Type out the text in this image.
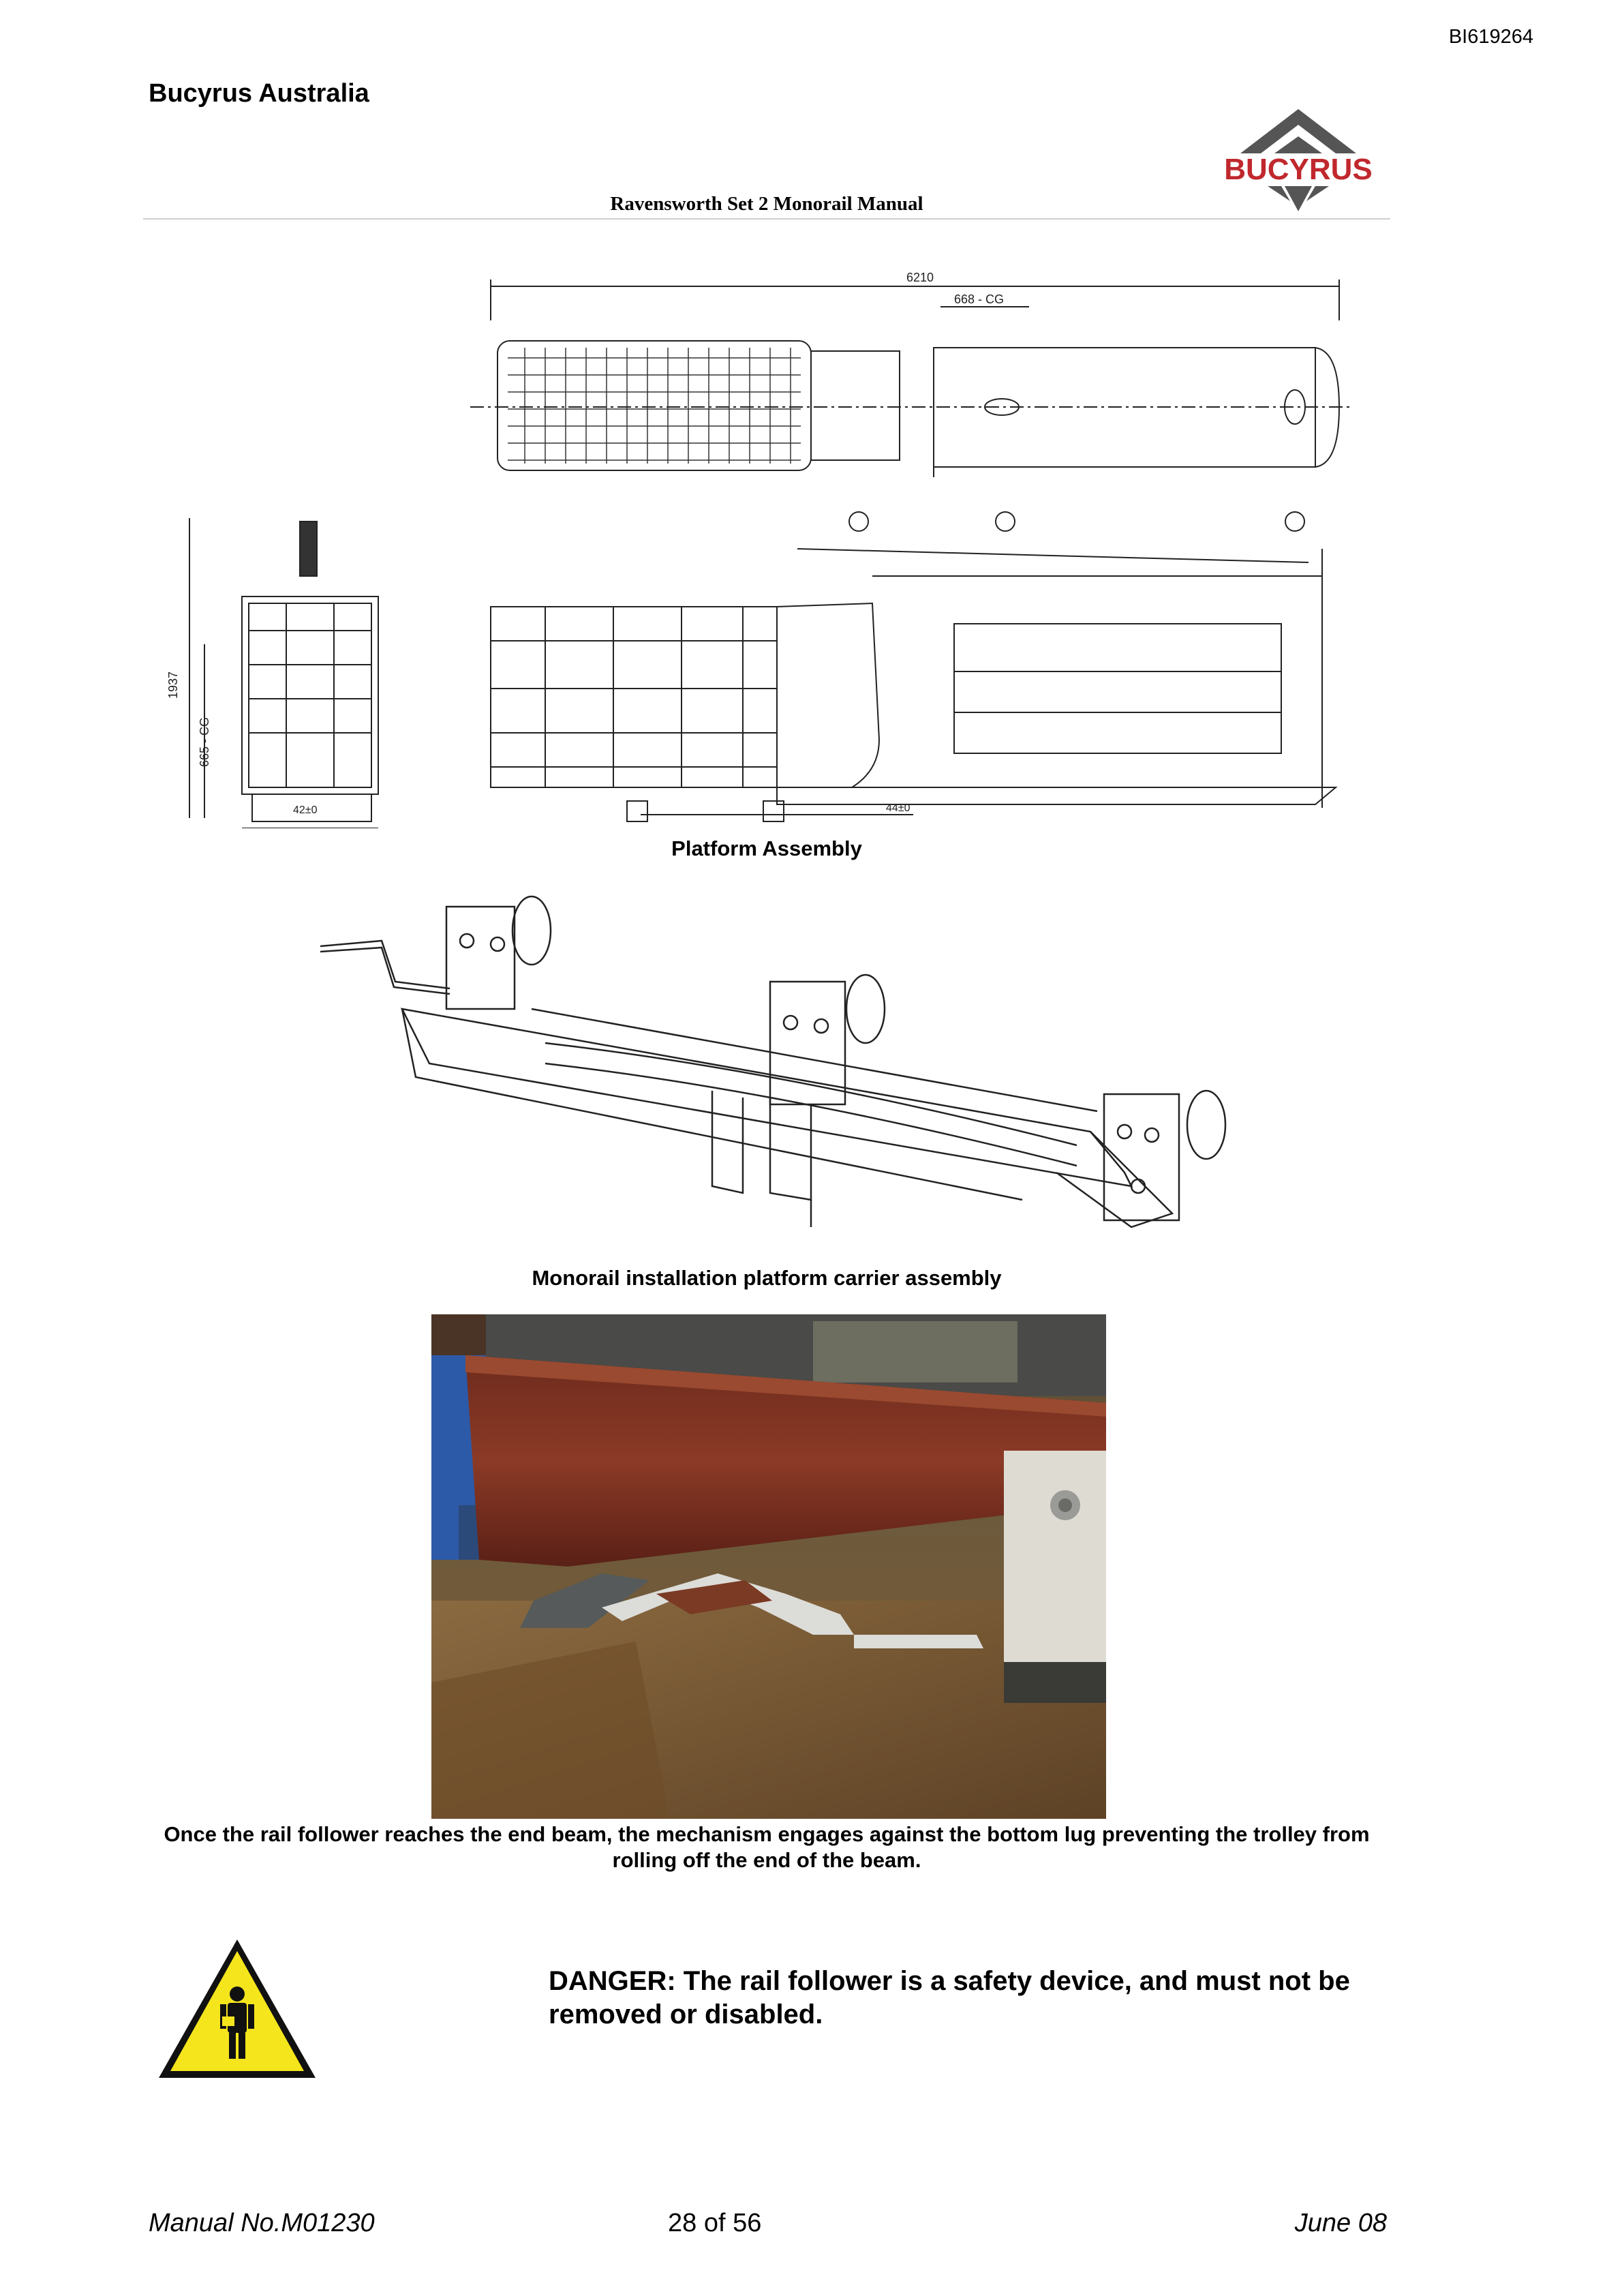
BI619264
Bucyrus Australia
BUCYRUS
Ravensworth Set 2 Monorail Manual
6210
668 - CG
1937
665 - CG
42±0	44±0
Platform Assembly
Monorail installation platform carrier assembly
Once the rail follower reaches the end beam, the mechanism engages against the bottom lug preventing the trolley from rolling off the end of the beam.
DANGER: The rail follower is a safety device, and must not be removed or disabled.
Manual No.M01230	28 of 56	June 08
